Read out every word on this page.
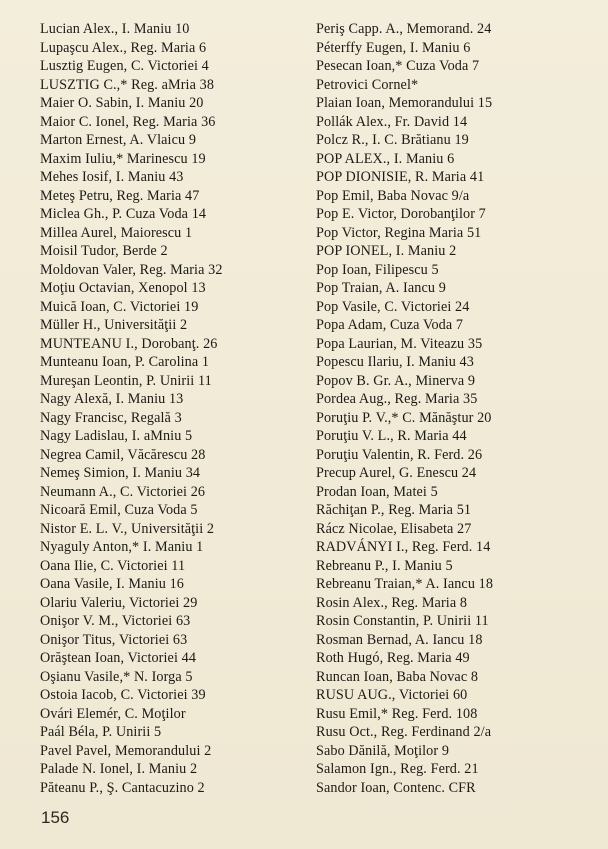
Lucian Alex., I. Maniu 10
Lupaşcu Alex., Reg. Maria 6
Lusztig Eugen, C. Victoriei 4
LUSZTIG C.,* Reg. aMria 38
Maier O. Sabin, I. Maniu 20
Maior C. Ionel, Reg. Maria 36
Marton Ernest, A. Vlaicu 9
Maxim Iuliu,* Marinescu 19
Mehes Iosif, I. Maniu 43
Meteş Petru, Reg. Maria 47
Miclea Gh., P. Cuza Voda 14
Millea Aurel, Maiorescu 1
Moisil Tudor, Berde 2
Moldovan Valer, Reg. Maria 32
Moţiu Octavian, Xenopol 13
Muică Ioan, C. Victoriei 19
Müller H., Universităţii 2
MUNTEANU I., Dorobanţ. 26
Munteanu Ioan, P. Carolina 1
Mureşan Leontin, P. Unirii 11
Nagy Alexă, I. Maniu 13
Nagy Francisc, Regală 3
Nagy Ladislau, I. aMniu 5
Negrea Camil, Văcărescu 28
Nemeş Simion, I. Maniu 34
Neumann A., C. Victoriei 26
Nicoară Emil, Cuza Voda 5
Nistor E. L. V., Universităţii 2
Nyaguly Anton,* I. Maniu 1
Oana Ilie, C. Victoriei 11
Oana Vasile, I. Maniu 16
Olariu Valeriu, Victoriei 29
Onişor V. M., Victoriei 63
Onişor Titus, Victoriei 63
Orăştean Ioan, Victoriei 44
Oşianu Vasile,* N. Iorga 5
Ostoia Iacob, C. Victoriei 39
Ovári Elemér, C. Moţilor
Paál Béla, P. Unirii 5
Pavel Pavel, Memorandului 2
Palade N. Ionel, I. Maniu 2
Păteanu P., Ş. Cantacuzino 2
Periş Capp. A., Memorand. 24
Péterffy Eugen, I. Maniu 6
Pesecan Ioan,* Cuza Voda 7
Petrovici Cornel*
Plaian Ioan, Memorandului 15
Pollák Alex., Fr. David 14
Polcz R., I. C. Brătianu 19
POP ALEX., I. Maniu 6
POP DIONISIE, R. Maria 41
Pop Emil, Baba Novac 9/a
Pop E. Victor, Dorobanţilor 7
Pop Victor, Regina Maria 51
POP IONEL, I. Maniu 2
Pop Ioan, Filipescu 5
Pop Traian, A. Iancu 9
Pop Vasile, C. Victoriei 24
Popa Adam, Cuza Voda 7
Popa Laurian, M. Viteazu 35
Popescu Ilariu, I. Maniu 43
Popov B. Gr. A., Minerva 9
Pordea Aug., Reg. Maria 35
Poruţiu P. V.,* C. Mănăştur 20
Poruţiu V. L., R. Maria 44
Poruţiu Valentin, R. Ferd. 26
Precup Aurel, G. Enescu 24
Prodan Ioan, Matei 5
Răchiţan P., Reg. Maria 51
Rácz Nicolae, Elisabeta 27
RADVÁNYI I., Reg. Ferd. 14
Rebreanu P., I. Maniu 5
Rebreanu Traian,* A. Iancu 18
Rosin Alex., Reg. Maria 8
Rosin Constantin, P. Unirii 11
Rosman Bernad, A. Iancu 18
Roth Hugó, Reg. Maria 49
Runcan Ioan, Baba Novac 8
RUSU AUG., Victoriei 60
Rusu Emil,* Reg. Ferd. 108
Rusu Oct., Reg. Ferdinand 2/a
Sabo Dănilă, Moţilor 9
Salamon Ign., Reg. Ferd. 21
Sandor Ioan, Contenc. CFR
156
